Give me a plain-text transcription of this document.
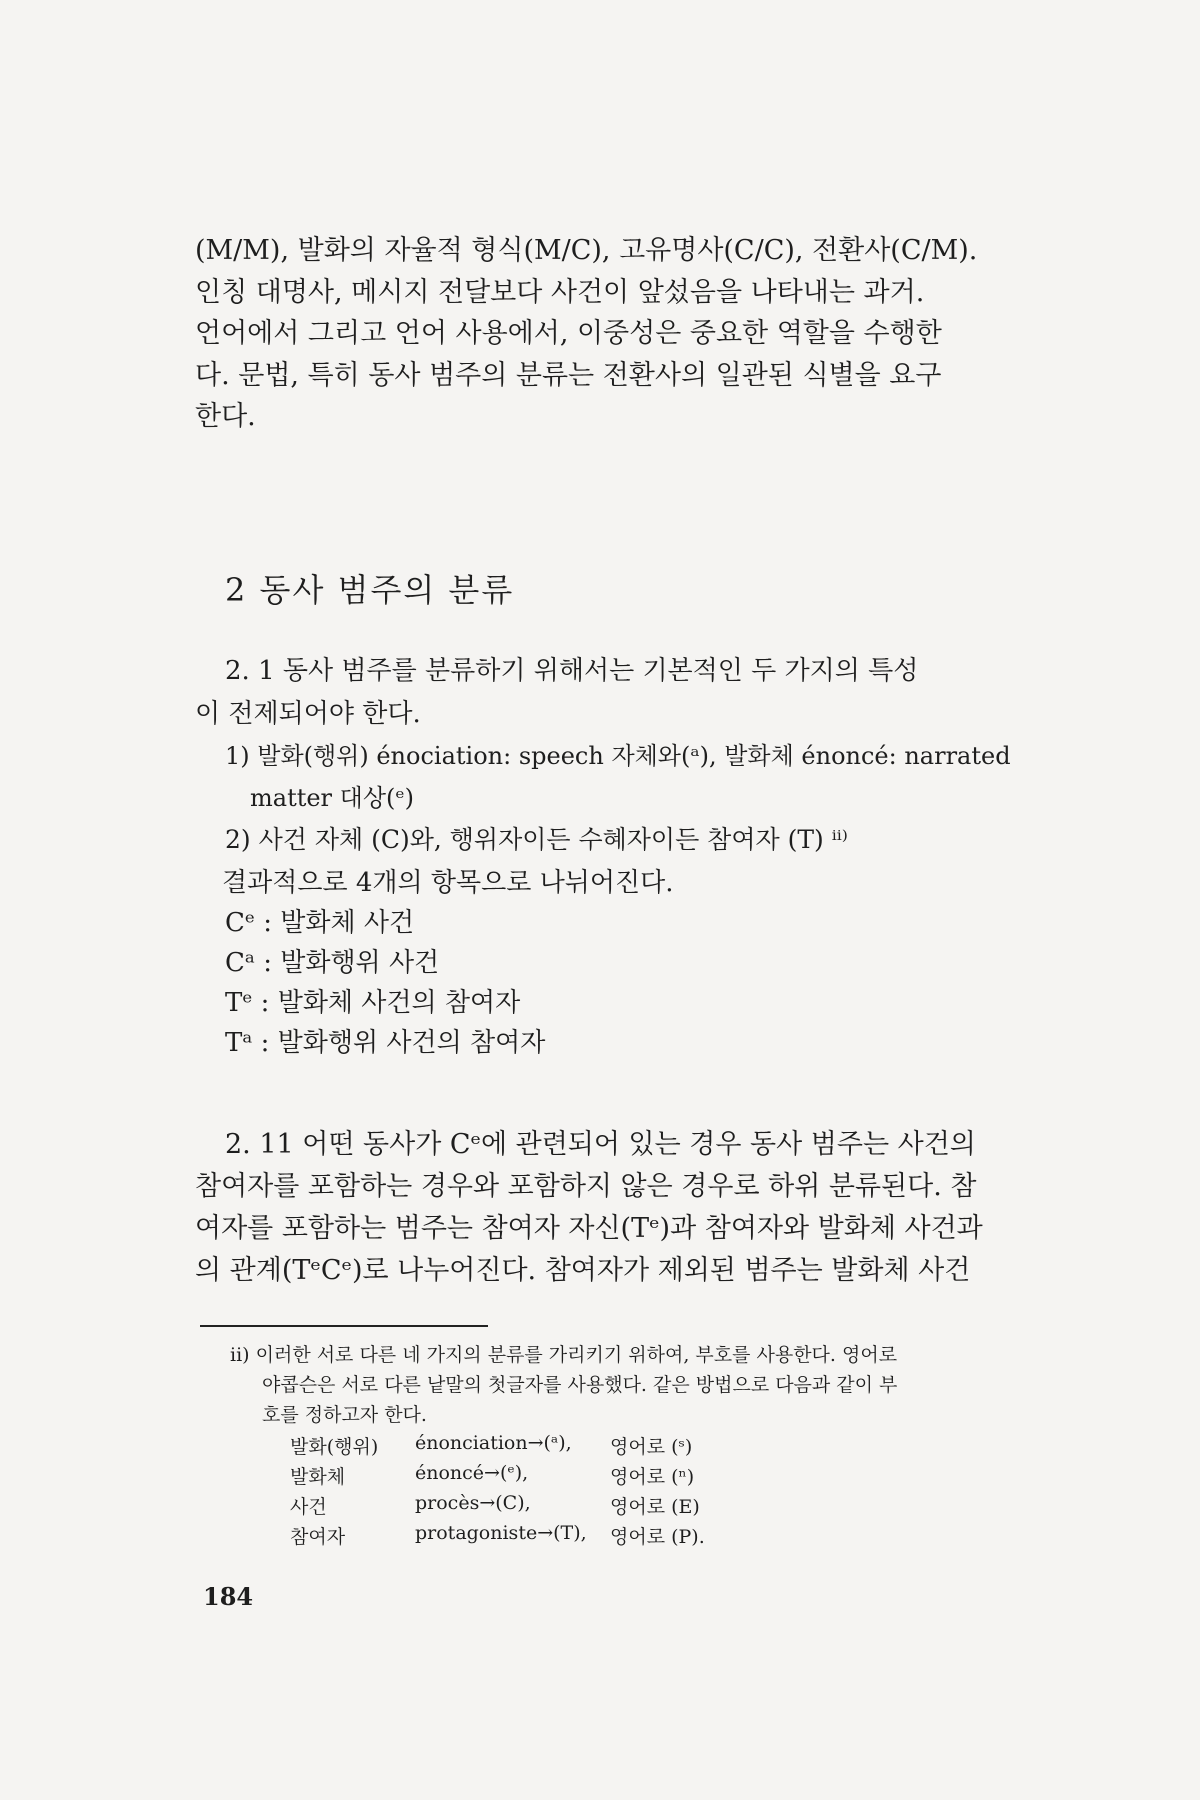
(M/M), 발화의 자율적 형식(M/C), 고유명사(C/C), 전환사(C/M).
인칭 대명사, 메시지 전달보다 사건이 앞섰음을 나타내는 과거.
언어에서 그리고 언어 사용에서, 이중성은 중요한 역할을 수행한
다. 문법, 특히 동사 범주의 분류는 전환사의 일관된 식별을 요구
한다.
2 동사 범주의 분류
2. 1 동사 범주를 분류하기 위해서는 기본적인 두 가지의 특성
이 전제되어야 한다.
1) 발화(행위) énociation: speech 자체와(ᵃ), 발화체 énoncé: narrated
matter 대상(ᵉ)
2) 사건 자체 (C)와, 행위자이든 수혜자이든 참여자 (T) ⁱⁱ⁾
결과적으로 4개의 항목으로 나뉘어진다.
Cᵉ : 발화체 사건
Cᵃ : 발화행위 사건
Tᵉ : 발화체 사건의 참여자
Tᵃ : 발화행위 사건의 참여자
2. 11 어떤 동사가 Cᵉ에 관련되어 있는 경우 동사 범주는 사건의
참여자를 포함하는 경우와 포함하지 않은 경우로 하위 분류된다. 참
여자를 포함하는 범주는 참여자 자신(Tᵉ)과 참여자와 발화체 사건과
의 관계(TᵉCᵉ)로 나누어진다. 참여자가 제외된 범주는 발화체 사건
ii) 이러한 서로 다른 네 가지의 분류를 가리키기 위하여, 부호를 사용한다. 영어로
야콥슨은 서로 다른 낱말의 첫글자를 사용했다. 같은 방법으로 다음과 같이 부
호를 정하고자 한다.
발화(행위) énonciation→(ᵃ), 영어로 (ˢ)
발화체	énoncé→(ᵉ),	영어로 (ⁿ)
사건	procès→(C),	영어로 (E)
참여자	protagoniste→(T), 영어로 (P).
184
